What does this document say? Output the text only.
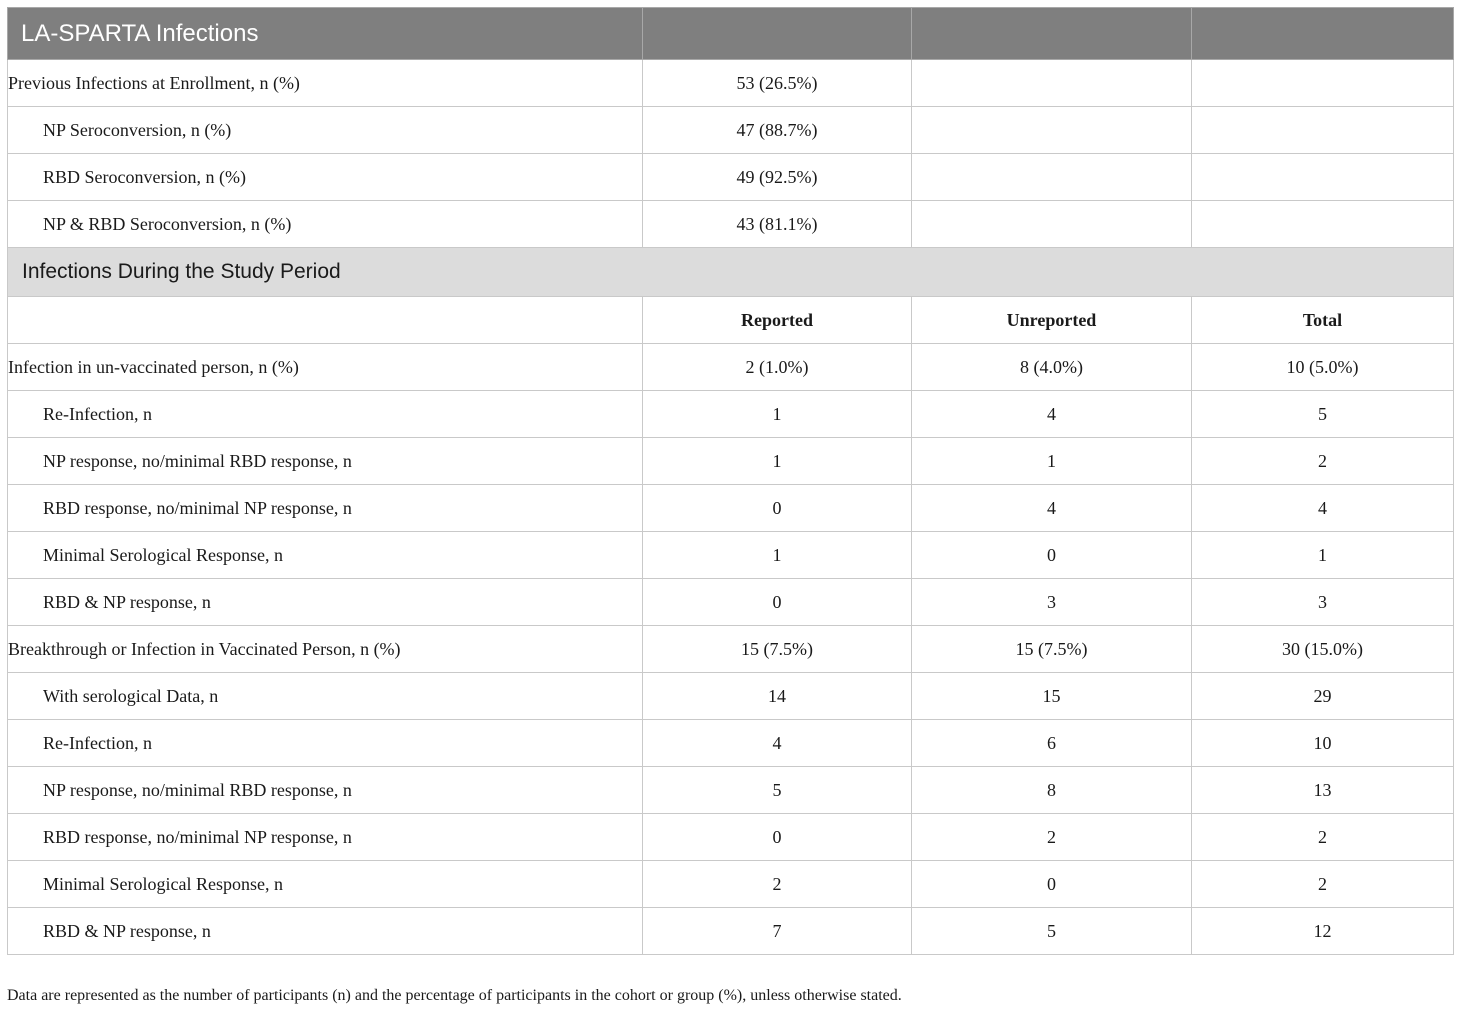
LA-SPARTA Infections			
Previous Infections at Enrollment, n (%)	53 (26.5%)		
NP Seroconversion, n (%)	47 (88.7%)		
RBD Seroconversion, n (%)	49 (92.5%)		
NP & RBD Seroconversion, n (%)	43 (81.1%)		
Infections During the Study Period			
	Reported	Unreported	Total
Infection in un-vaccinated person, n (%)	2 (1.0%)	8 (4.0%)	10 (5.0%)
Re-Infection, n	1	4	5
NP response, no/minimal RBD response, n	1	1	2
RBD response, no/minimal NP response, n	0	4	4
Minimal Serological Response, n	1	0	1
RBD & NP response, n	0	3	3
Breakthrough or Infection in Vaccinated Person, n (%)	15 (7.5%)	15 (7.5%)	30 (15.0%)
With serological Data, n	14	15	29
Re-Infection, n	4	6	10
NP response, no/minimal RBD response, n	5	8	13
RBD response, no/minimal NP response, n	0	2	2
Minimal Serological Response, n	2	0	2
RBD & NP response, n	7	5	12
Data are represented as the number of participants (n) and the percentage of participants in the cohort or group (%), unless otherwise stated.
